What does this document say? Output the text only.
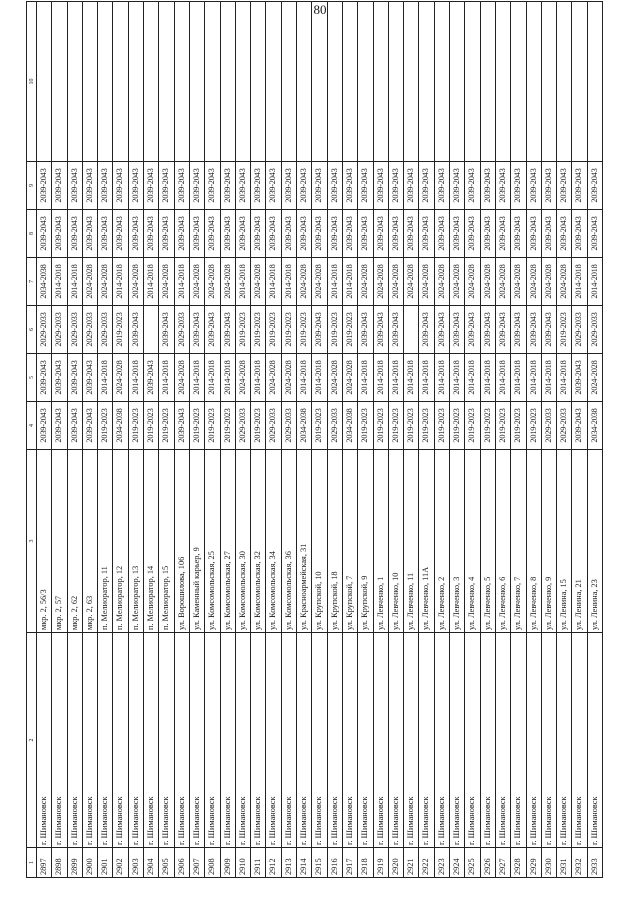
80
1	2	3	4	5	6	7	8	9	10
2897	г. Шимановск	мкр. 2, 56/3	2039-2043	2039-2043	2029-2033	2034-2038	2039-2043	2039-2043	
2898	г. Шимановск	мкр. 2, 57	2039-2043	2039-2043	2029-2033	2014-2018	2039-2043	2039-2043	
2899	г. Шимановск	мкр. 2, 62	2039-2043	2039-2043	2029-2033	2014-2018	2039-2043	2039-2043	
2900	г. Шимановск	мкр. 2, 63	2039-2043	2039-2043	2029-2033	2024-2028	2039-2043	2039-2043	
2901	г. Шимановск	п. Мелиоратор, 11	2019-2023	2014-2018	2029-2033	2024-2028	2039-2043	2039-2043	
2902	г. Шимановск	п. Мелиоратор, 12	2034-2038	2024-2028	2019-2023	2014-2018	2039-2043	2039-2043	
2903	г. Шимановск	п. Мелиоратор, 13	2019-2023	2014-2018	2039-2043	2024-2028	2039-2043	2039-2043	
2904	г. Шимановск	п. Мелиоратор, 14	2019-2023	2039-2043		2014-2018	2039-2043	2039-2043	
2905	г. Шимановск	п. Мелиоратор, 15	2019-2023	2014-2018	2039-2043	2024-2028	2039-2043	2039-2043	
2906	г. Шимановск	ул. Ворошилова, 106	2039-2043	2024-2028	2029-2033	2014-2018	2039-2043	2039-2043	
2907	г. Шимановск	ул. Каменный карьер, 9	2019-2023	2014-2018	2039-2043	2024-2028	2039-2043	2039-2043	
2908	г. Шимановск	ул. Комсомольская, 25	2019-2023	2014-2018	2039-2043	2024-2028	2039-2043	2039-2043	
2909	г. Шимановск	ул. Комсомольская, 27	2019-2023	2014-2018	2039-2043	2024-2028	2039-2043	2039-2043	
2910	г. Шимановск	ул. Комсомольская, 30	2029-2033	2024-2028	2019-2023	2014-2018	2039-2043	2039-2043	
2911	г. Шимановск	ул. Комсомольская, 32	2019-2023	2014-2018	2019-2023	2024-2028	2039-2043	2039-2043	
2912	г. Шимановск	ул. Комсомольская, 34	2029-2033	2024-2028	2019-2023	2014-2018	2039-2043	2039-2043	
2913	г. Шимановск	ул. Комсомольская, 36	2029-2033	2024-2028	2019-2023	2014-2018	2039-2043	2039-2043	
2914	г. Шимановск	ул. Красноармейская, 31	2034-2038	2014-2018	2019-2023	2024-2028	2039-2043	2039-2043	
2915	г. Шимановск	ул. Крупской, 10	2019-2023	2014-2018	2039-2043	2024-2028	2039-2043	2039-2043	
2916	г. Шимановск	ул. Крупской, 18	2029-2033	2024-2028	2019-2023	2014-2018	2039-2043	2039-2043	
2917	г. Шимановск	ул. Крупской, 7	2034-2038	2024-2028	2019-2023	2014-2018	2039-2043	2039-2043	
2918	г. Шимановск	ул. Крупской, 9	2019-2023	2014-2018	2039-2043	2024-2028	2039-2043	2039-2043	
2919	г. Шимановск	ул. Левченко, 1	2019-2023	2014-2018	2039-2043	2024-2028	2039-2043	2039-2043	
2920	г. Шимановск	ул. Левченко, 10	2019-2023	2014-2018	2039-2043	2024-2028	2039-2043	2039-2043	
2921	г. Шимановск	ул. Левченко, 11	2019-2023	2014-2018		2024-2028	2039-2043	2039-2043	
2922	г. Шимановск	ул. Левченко, 11А	2019-2023	2014-2018	2039-2043	2024-2028	2039-2043	2039-2043	
2923	г. Шимановск	ул. Левченко, 2	2019-2023	2014-2018	2039-2043	2024-2028	2039-2043	2039-2043	
2924	г. Шимановск	ул. Левченко, 3	2019-2023	2014-2018	2039-2043	2024-2028	2039-2043	2039-2043	
2925	г. Шимановск	ул. Левченко, 4	2019-2023	2014-2018	2039-2043	2024-2028	2039-2043	2039-2043	
2926	г. Шимановск	ул. Левченко, 5	2019-2023	2014-2018	2039-2043	2024-2028	2039-2043	2039-2043	
2927	г. Шимановск	ул. Левченко, 6	2019-2023	2014-2018	2039-2043	2024-2028	2039-2043	2039-2043	
2928	г. Шимановск	ул. Левченко, 7	2019-2023	2014-2018	2039-2043	2024-2028	2039-2043	2039-2043	
2929	г. Шимановск	ул. Левченко, 8	2019-2023	2014-2018	2039-2043	2024-2028	2039-2043	2039-2043	
2930	г. Шимановск	ул. Левченко, 9	2029-2033	2014-2018	2039-2043	2024-2028	2039-2043	2039-2043	
2931	г. Шимановск	ул. Ленина, 15	2029-2033	2014-2018	2019-2023	2024-2028	2039-2043	2039-2043	
2932	г. Шимановск	ул. Ленина, 21	2039-2043	2039-2043	2029-2033	2014-2018	2039-2043	2039-2043	
2933	г. Шимановск	ул. Ленина, 23	2034-2038	2024-2028	2029-2033	2014-2018	2039-2043	2039-2043	
